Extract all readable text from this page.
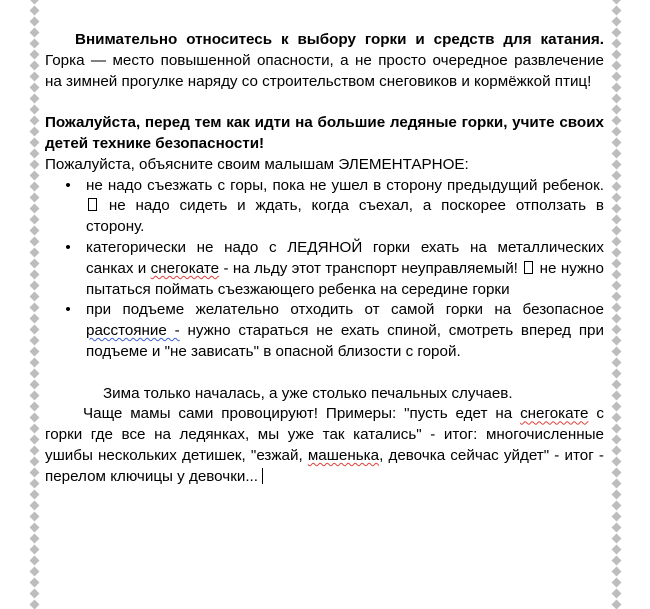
Внимательно относитесь к выбору горки и средств для катания. Горка — место повышенной опасности, а не просто очередное развлечение на зимней прогулке наряду со строительством снеговиков и кормёжкой птиц!

Пожалуйста, перед тем как идти на большие ледяные горки, учите своих детей технике безопасности!

Пожалуйста, объясните своим малышам ЭЛЕМЕНТАРНОЕ:

• не надо съезжать с горы, пока не ушел в сторону предыдущий ребенок.  не надо сидеть и ждать, когда съехал, а поскорее отползать в сторону.
• категорически не надо с ЛЕДЯНОЙ горки ехать на металлических санках и снегокате - на льду этот транспорт неуправляемый! не нужно пытаться поймать съезжающего ребенка на середине горки
• при подъеме желательно отходить от самой горки на безопасное расстояние - нужно стараться не ехать спиной, смотреть вперед при подъеме и "не зависать" в опасной близости с горой.

Зима только началась, а уже столько печальных случаев.

Чаще мамы сами провоцируют! Примеры: "пусть едет на снегокате с горки где все на ледянках, мы уже так катались" - итог: многочисленные ушибы нескольких детишек, "езжай, машенька, девочка сейчас уйдет" - итог - перелом ключицы у девочки...
